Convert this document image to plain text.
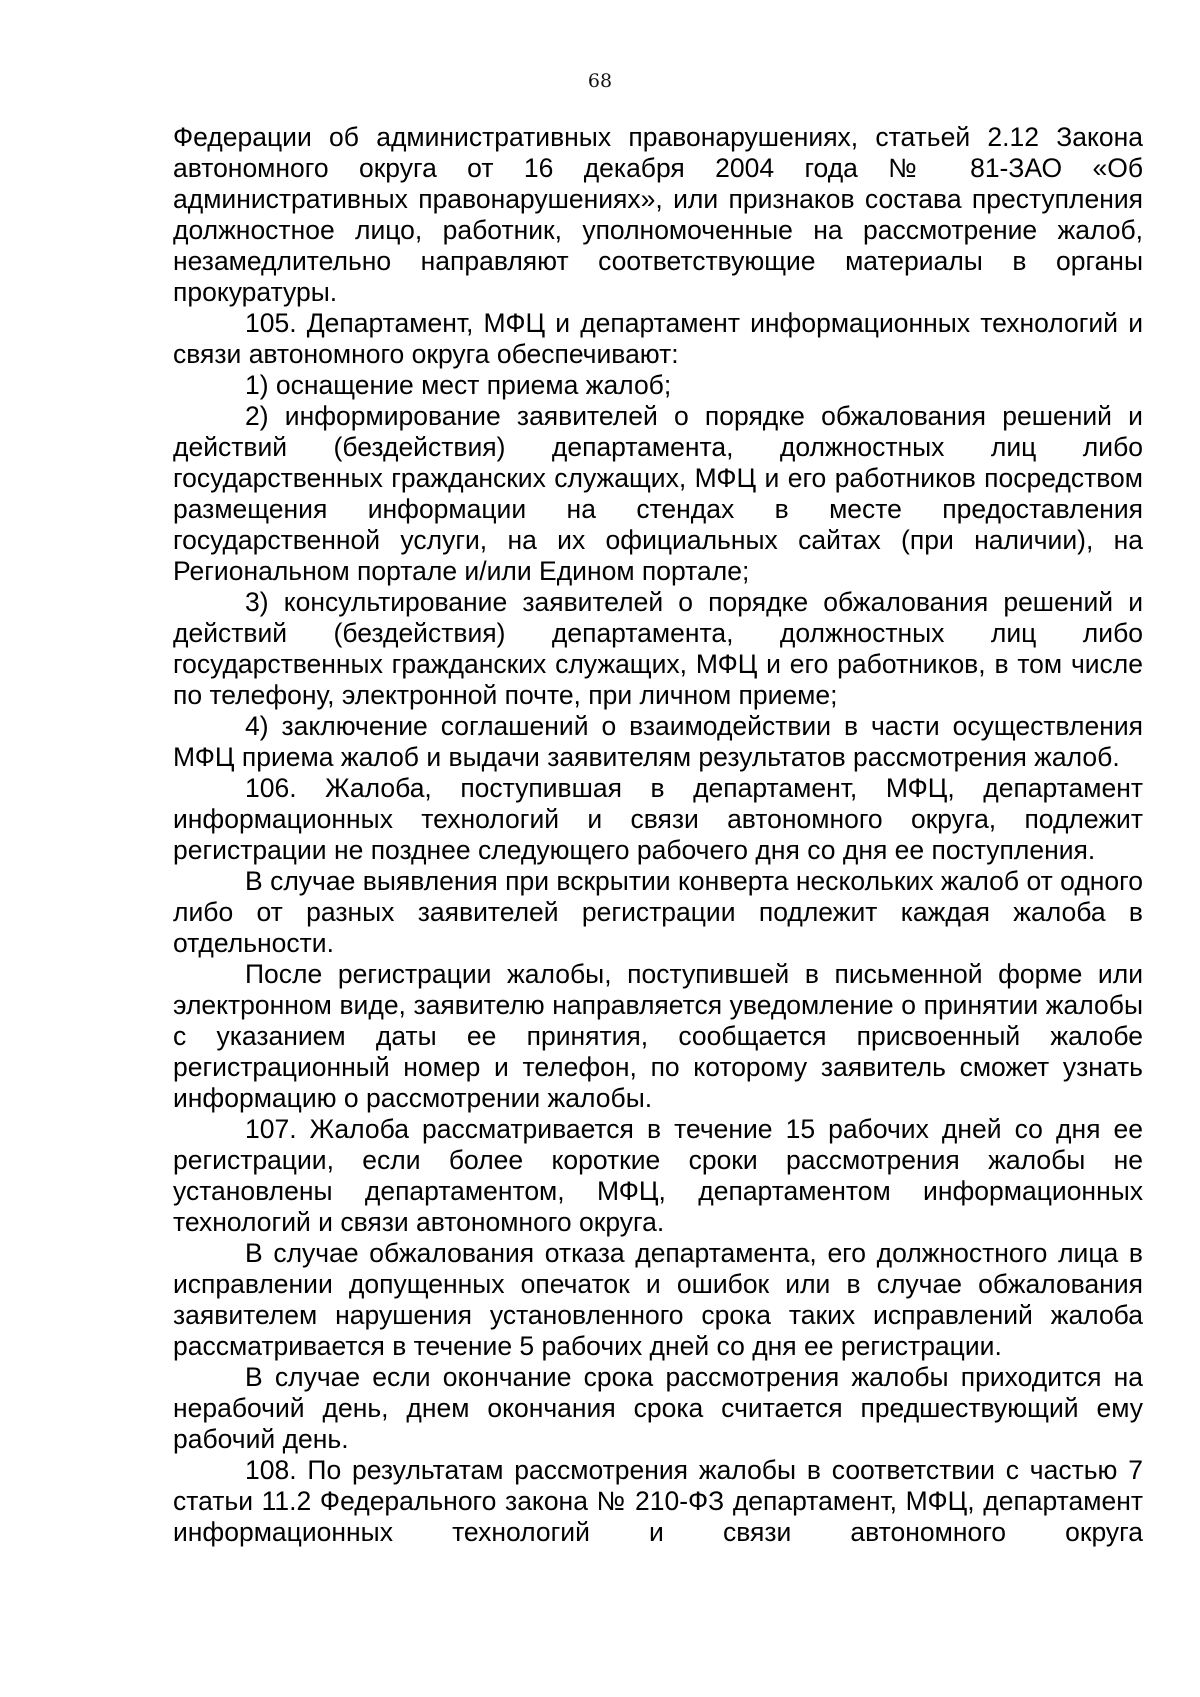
68

Федерации об административных правонарушениях, статьей 2.12 Закона автономного округа от 16 декабря 2004 года № 81-ЗАО «Об административных правонарушениях», или признаков состава преступления должностное лицо, работник, уполномоченные на рассмотрение жалоб, незамедлительно направляют соответствующие материалы в органы прокуратуры.

105. Департамент, МФЦ и департамент информационных технологий и связи автономного округа обеспечивают:

1) оснащение мест приема жалоб;

2) информирование заявителей о порядке обжалования решений и действий (бездействия) департамента, должностных лиц либо государственных гражданских служащих, МФЦ и его работников посредством размещения информации на стендах в месте предоставления государственной услуги, на их официальных сайтах (при наличии), на Региональном портале и/или Едином портале;

3) консультирование заявителей о порядке обжалования решений и действий (бездействия) департамента, должностных лиц либо государственных гражданских служащих, МФЦ и его работников, в том числе по телефону, электронной почте, при личном приеме;

4) заключение соглашений о взаимодействии в части осуществления МФЦ приема жалоб и выдачи заявителям результатов рассмотрения жалоб.

106. Жалоба, поступившая в департамент, МФЦ, департамент информационных технологий и связи автономного округа, подлежит регистрации не позднее следующего рабочего дня со дня ее поступления.

В случае выявления при вскрытии конверта нескольких жалоб от одного либо от разных заявителей регистрации подлежит каждая жалоба в отдельности.

После регистрации жалобы, поступившей в письменной форме или электронном виде, заявителю направляется уведомление о принятии жалобы с указанием даты ее принятия, сообщается присвоенный жалобе регистрационный номер и телефон, по которому заявитель сможет узнать информацию о рассмотрении жалобы.

107. Жалоба рассматривается в течение 15 рабочих дней со дня ее регистрации, если более короткие сроки рассмотрения жалобы не установлены департаментом, МФЦ, департаментом информационных технологий и связи автономного округа.

В случае обжалования отказа департамента, его должностного лица в исправлении допущенных опечаток и ошибок или в случае обжалования заявителем нарушения установленного срока таких исправлений жалоба рассматривается в течение 5 рабочих дней со дня ее регистрации.

В случае если окончание срока рассмотрения жалобы приходится на нерабочий день, днем окончания срока считается предшествующий ему рабочий день.

108. По результатам рассмотрения жалобы в соответствии с частью 7 статьи 11.2 Федерального закона № 210-ФЗ департамент, МФЦ, департамент информационных технологий и связи автономного округа
